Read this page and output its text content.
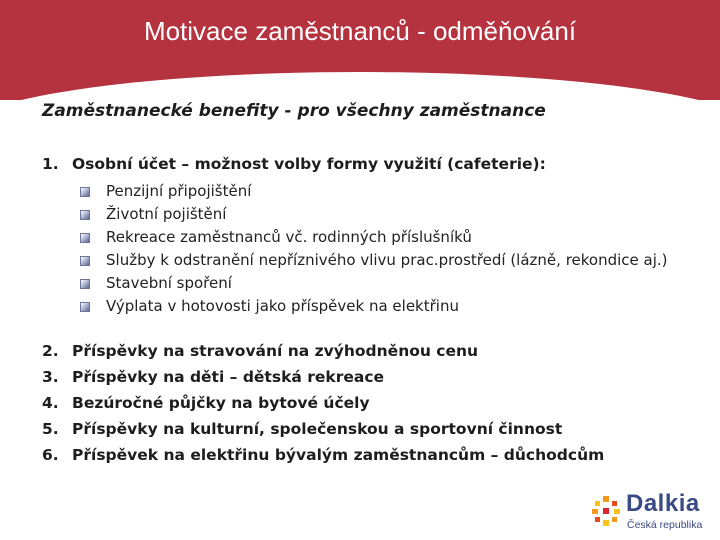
Motivace zaměstnanců - odměňování
Zaměstnanecké benefity - pro všechny zaměstnance
1. Osobní účet – možnost volby formy využití (cafeterie):
Penzijní připojištění
Životní pojištění
Rekreace zaměstnanců vč. rodinných příslušníků
Služby k odstranění nepříznivého vlivu prac.prostředí (lázně, rekondice aj.)
Stavební spoření
Výplata v hotovosti jako příspěvek na elektřinu
2. Příspěvky na stravování na zvýhodněnou cenu
3. Příspěvky na děti – dětská rekreace
4. Bezúročné půjčky na bytové účely
5. Příspěvky na kulturní, společenskou a sportovní činnost
6. Příspěvek na elektřinu bývalým zaměstnancům – důchodcům
Dalkia
Česká republika
